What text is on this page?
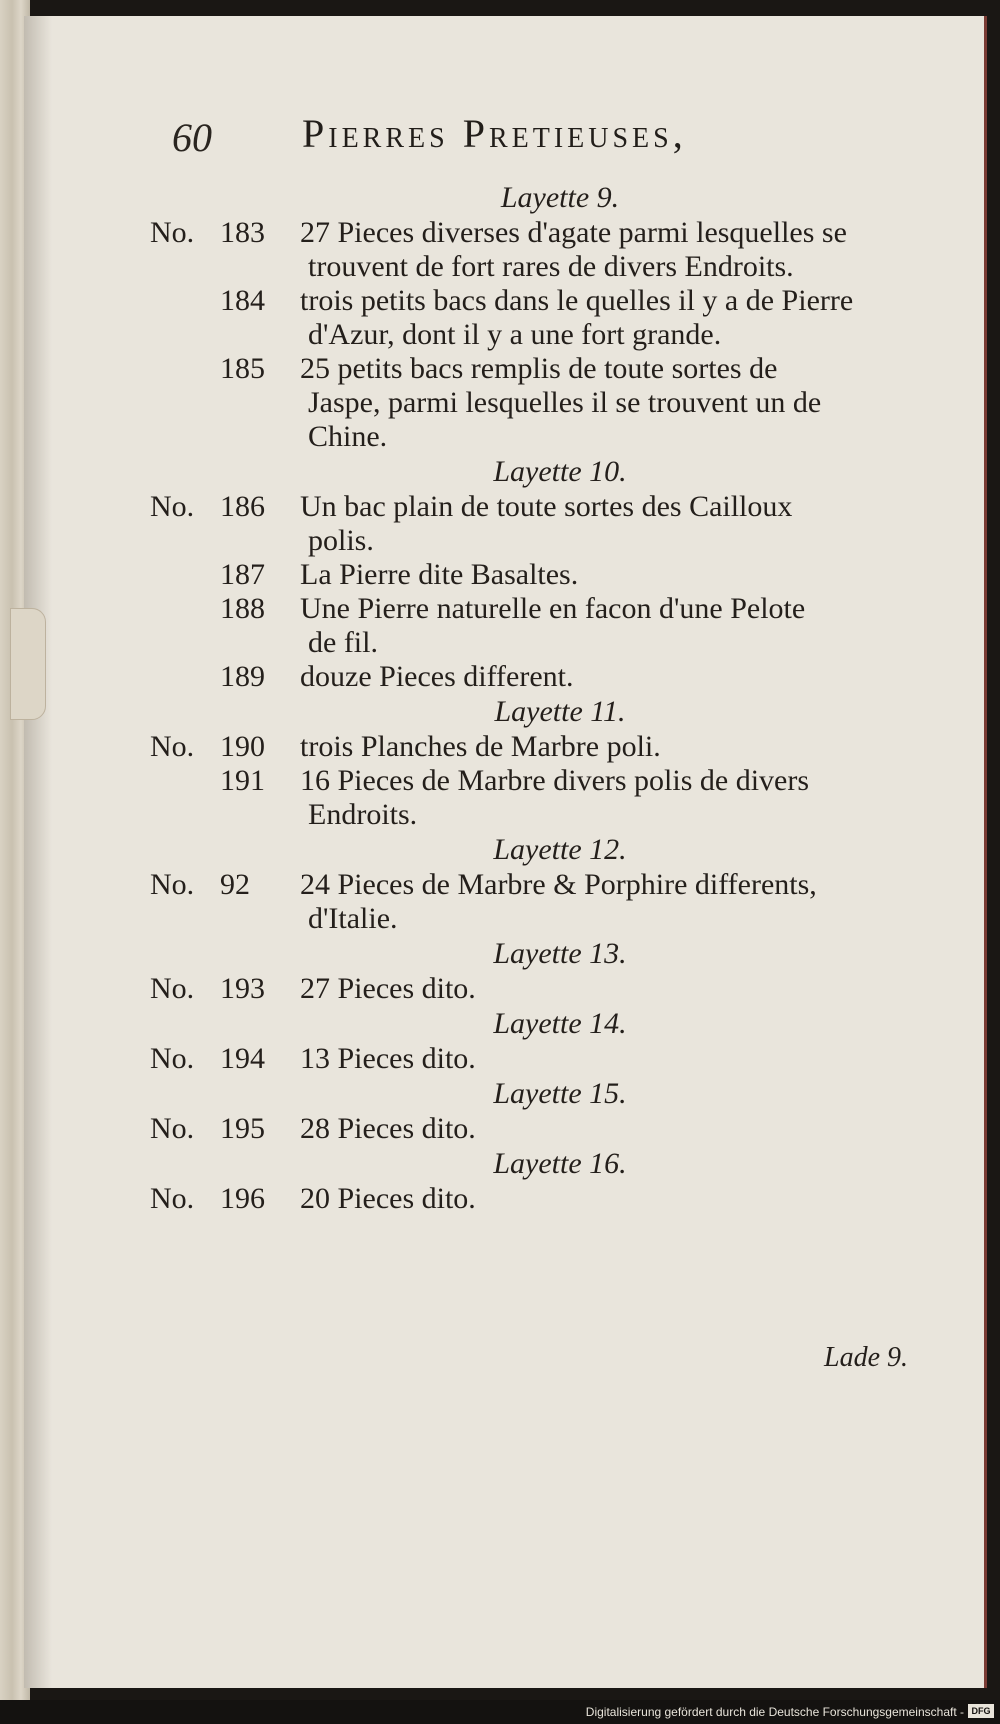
60 Pierres Pretieuses,
Layette 9.
No. 183	27 Pieces diverses d'agate parmi lesquelles se
trouvent de fort rares de divers Endroits.
184	trois petits bacs dans le quelles il y a de Pierre
d'Azur, dont il y a une fort grande.
185	25 petits bacs remplis de toute sortes de
Jaspe, parmi lesquelles il se trouvent un de
Chine.
Layette 10.
No. 186	Un bac plain de toute sortes des Cailloux
polis.
187	La Pierre dite Basaltes.
188	Une Pierre naturelle en facon d'une Pelote
de fil.
189	douze Pieces different.
Layette 11.
No. 190	trois Planches de Marbre poli.
191	16 Pieces de Marbre divers polis de divers
Endroits.
Layette 12.
No. 92	24 Pieces de Marbre & Porphire differents,
d'Italie.
Layette 13.
No. 193	27 Pieces dito.
Layette 14.
No. 194	13 Pieces dito.
Layette 15.
No. 195	28 Pieces dito.
Layette 16.
No. 196	20 Pieces dito.
Lade 9.
Digitalisierung gefördert durch die Deutsche Forschungsgemeinschaft - DFG
